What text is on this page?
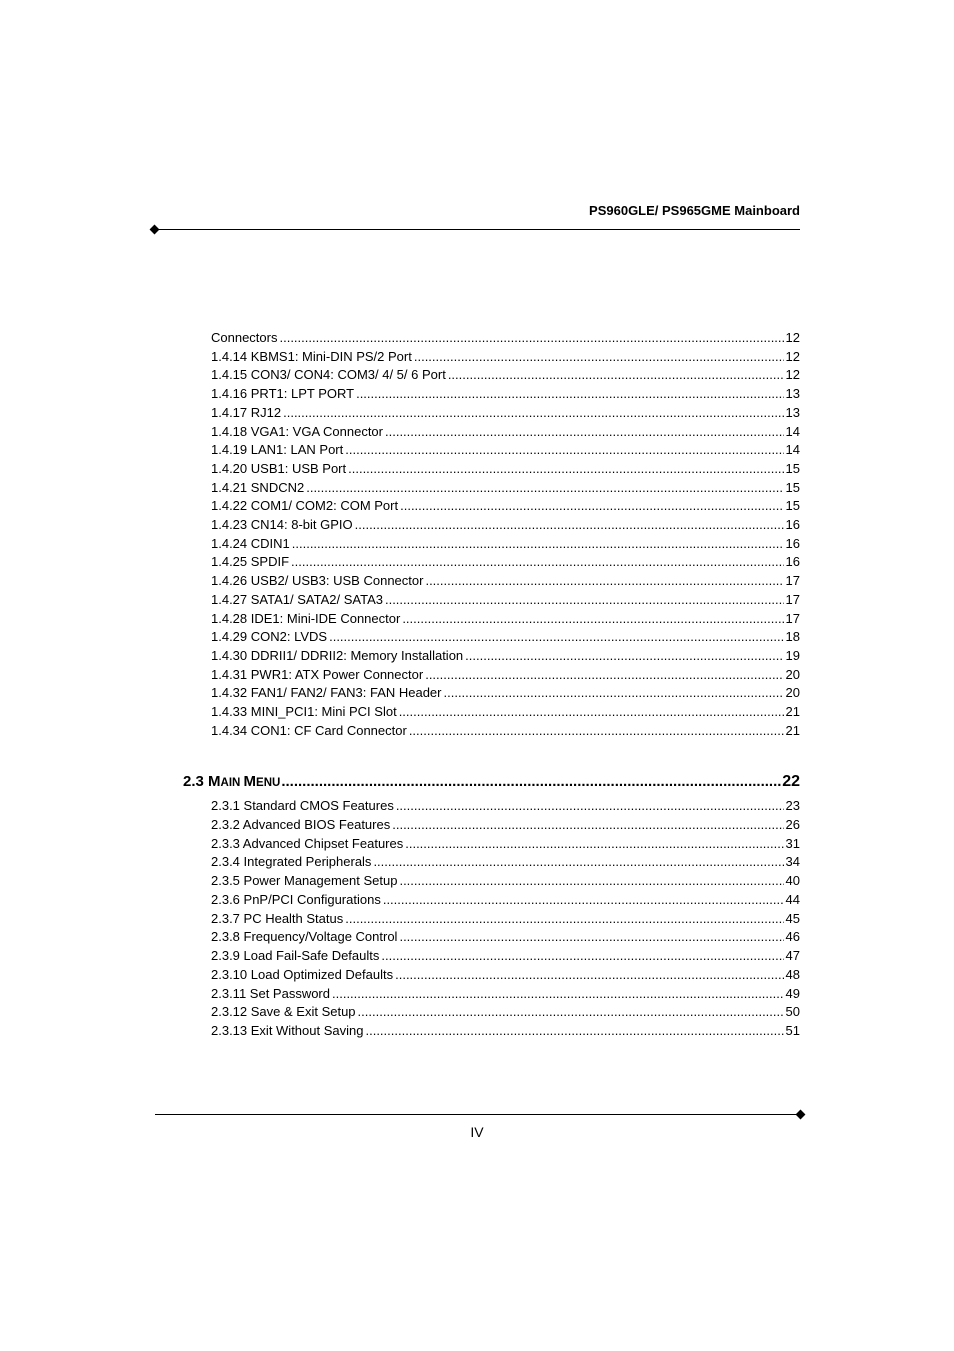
PS960GLE/ PS965GME Mainboard
2.3 MAIN MENU .....	22
Connectors .....	12
1.4.14 KBMS1: Mini-DIN PS/2 Port .....	12
1.4.15 CON3/ CON4: COM3/ 4/ 5/ 6 Port .....	12
1.4.16 PRT1: LPT PORT .....	13
1.4.17 RJ12 .....	13
1.4.18 VGA1: VGA Connector .....	14
1.4.19 LAN1: LAN Port .....	14
1.4.20 USB1: USB Port .....	15
1.4.21 SNDCN2 .....	15
1.4.22 COM1/ COM2: COM Port .....	15
1.4.23 CN14: 8-bit GPIO .....	16
1.4.24 CDIN1 .....	16
1.4.25 SPDIF .....	16
1.4.26 USB2/ USB3: USB Connector .....	17
1.4.27 SATA1/ SATA2/ SATA3 .....	17
1.4.28 IDE1: Mini-IDE Connector .....	17
1.4.29 CON2: LVDS .....	18
1.4.30 DDRII1/ DDRII2: Memory Installation .....	19
1.4.31 PWR1: ATX Power Connector .....	20
1.4.32 FAN1/ FAN2/ FAN3: FAN Header .....	20
1.4.33 MINI_PCI1: Mini PCI Slot .....	21
1.4.34 CON1: CF Card Connector .....	21
2.3.1 Standard CMOS Features .....	23
2.3.2 Advanced BIOS Features .....	26
2.3.3 Advanced Chipset Features .....	31
2.3.4 Integrated Peripherals .....	34
2.3.5 Power Management Setup .....	40
2.3.6 PnP/PCI Configurations .....	44
2.3.7 PC Health Status .....	45
2.3.8 Frequency/Voltage Control .....	46
2.3.9 Load Fail-Safe Defaults .....	47
2.3.10 Load Optimized Defaults .....	48
2.3.11 Set Password .....	49
2.3.12 Save & Exit Setup .....	50
2.3.13 Exit Without Saving .....	51
IV
